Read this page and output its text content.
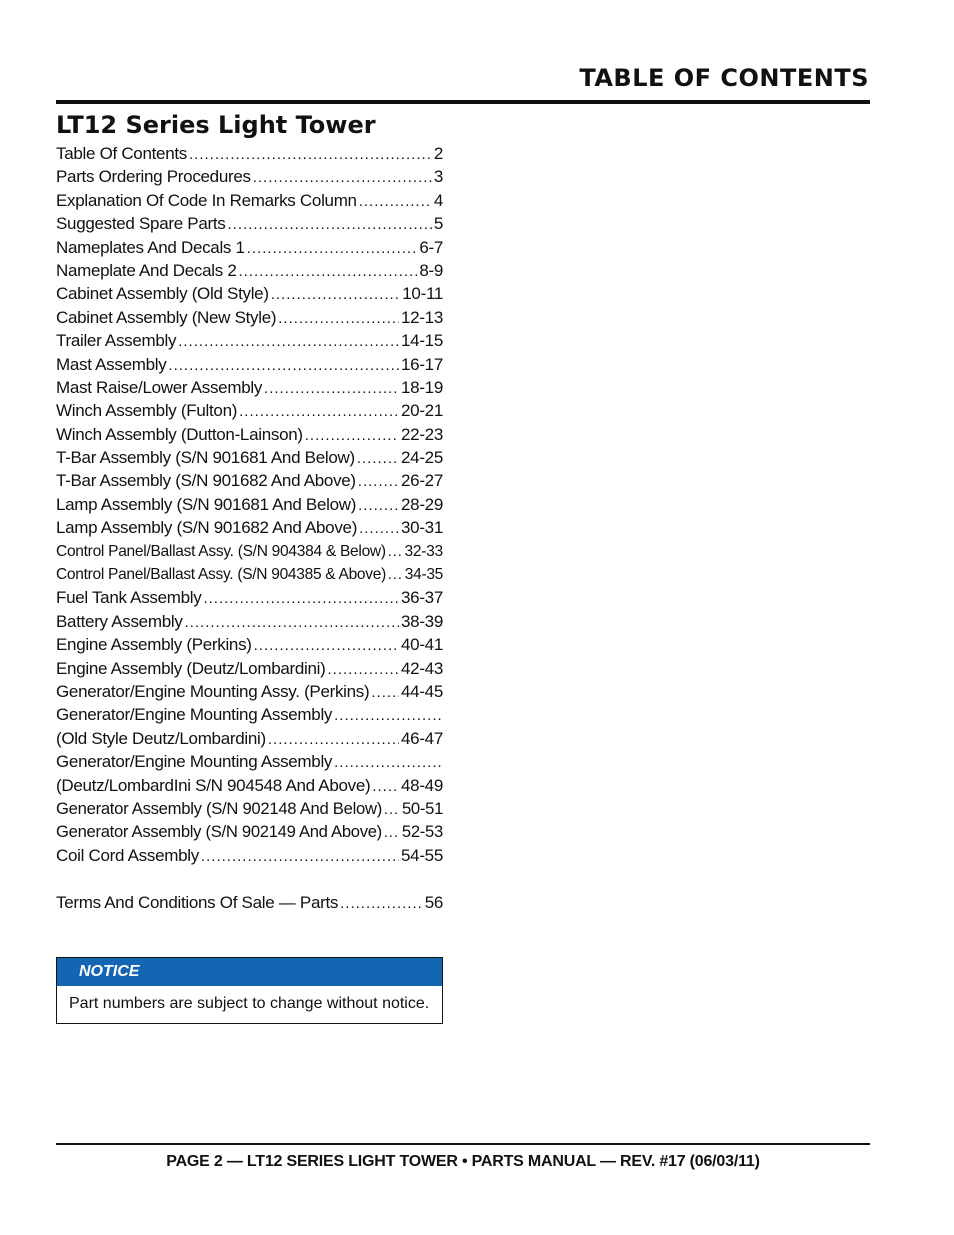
TABLE OF CONTENTS
LT12 Series Light Tower
Table Of Contents .....	2
Parts Ordering Procedures .....	3
Explanation Of Code In Remarks Column .....	4
Suggested Spare Parts .....	5
Nameplates And Decals 1 .....	6-7
Nameplate And Decals 2 .....	8-9
Cabinet Assembly (Old Style) .....	10-11
Cabinet Assembly (New Style) .....	12-13
Trailer Assembly .....	14-15
Mast Assembly .....	16-17
Mast Raise/Lower Assembly .....	18-19
Winch Assembly (Fulton) .....	20-21
Winch Assembly (Dutton-Lainson) .....	22-23
T-Bar Assembly (S/N 901681 And Below) .....	24-25
T-Bar Assembly (S/N 901682 And Above) .....	26-27
Lamp Assembly (S/N 901681 And Below) .....	28-29
Lamp Assembly (S/N 901682 And Above) .....	30-31
Control Panel/Ballast Assy. (S/N 904384 & Below) ..... 32-33
Control Panel/Ballast Assy. (S/N 904385 & Above) ..... 34-35
Fuel Tank Assembly .....	36-37
Battery Assembly .....	38-39
Engine Assembly (Perkins) .....	40-41
Engine Assembly (Deutz/Lombardini) .....	42-43
Generator/Engine Mounting Assy. (Perkins) ..... 44-45
Generator/Engine Mounting Assembly
.....
(Old Style Deutz/Lombardini) .....	46-47
Generator/Engine Mounting Assembly
.....
(Deutz/LombardIni S/N 904548 And Above) ..... 48-49
Generator Assembly (S/N 902148 And Below) ..... 50-51
Generator Assembly (S/N 902149 And Above) ..... 52-53
Coil Cord Assembly .....	54-55
Terms And Conditions Of Sale — Parts .....	56
NOTICE
Part numbers are subject to change without notice.
PAGE 2 — LT12 SERIES LIGHT TOWER • PARTS MANUAL — REV. #17 (06/03/11)
